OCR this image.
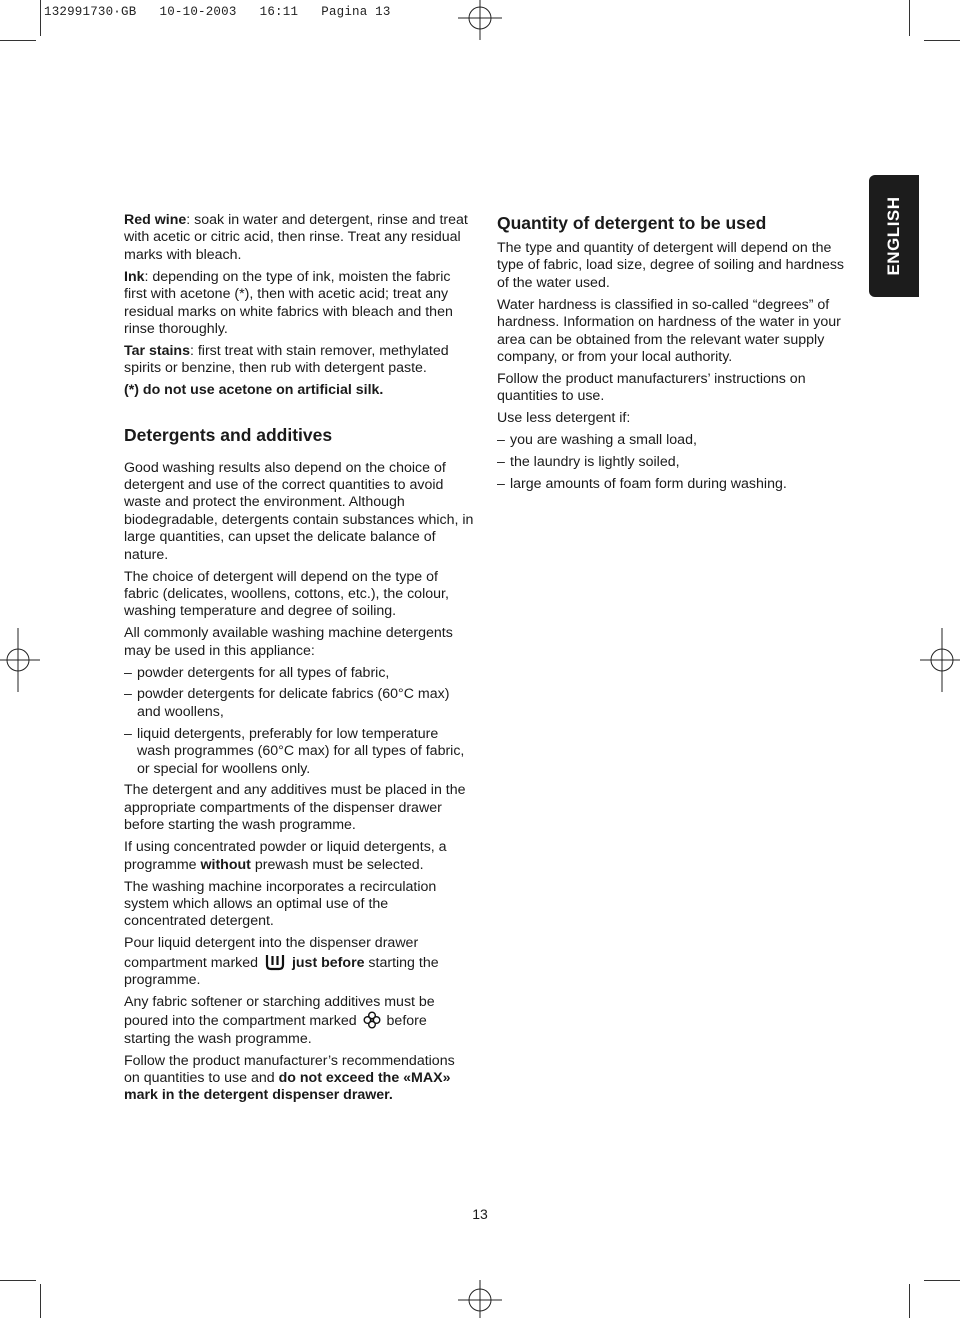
132991730·GB   10-10-2003   16:11   Pagina 13
ENGLISH

Red wine: soak in water and detergent, rinse and treat with acetic or citric acid, then rinse. Treat any residual marks with bleach.

Ink: depending on the type of ink, moisten the fabric first with acetone (*), then with acetic acid; treat any residual marks on white fabrics with bleach and then rinse thoroughly.

Tar stains: first treat with stain remover, methylated spirits or benzine, then rub with detergent paste.

(*) do not use acetone on artificial silk.

Detergents and additives

Good washing results also depend on the choice of detergent and use of the correct quantities to avoid waste and protect the environment. Although biodegradable, detergents contain substances which, in large quantities, can upset the delicate balance of nature.

The choice of detergent will depend on the type of fabric (delicates, woollens, cottons, etc.), the colour, washing temperature and degree of soiling.

All commonly available washing machine detergents may be used in this appliance:

– powder detergents for all types of fabric,
– powder detergents for delicate fabrics (60°C max) and woollens,
– liquid detergents, preferably for low temperature wash programmes (60°C max) for all types of fabric, or special for woollens only.

The detergent and any additives must be placed in the appropriate compartments of the dispenser drawer before starting the wash programme.

If using concentrated powder or liquid detergents, a programme without prewash must be selected.

The washing machine incorporates a recirculation system which allows an optimal use of the concentrated detergent.

Pour liquid detergent into the dispenser drawer compartment marked just before starting the programme.

Any fabric softener or starching additives must be poured into the compartment marked  before starting the wash programme.

Follow the product manufacturer’s recommendations on quantities to use and do not exceed the «MAX» mark in the detergent dispenser drawer.

Quantity of detergent to be used

The type and quantity of detergent will depend on the type of fabric, load size, degree of soiling and hardness of the water used.

Water hardness is classified in so-called “degrees” of hardness. Information on hardness of the water in your area can be obtained from the relevant water supply company, or from your local authority.

Follow the product manufacturers’ instructions on quantities to use.

Use less detergent if:

– you are washing a small load,
– the laundry is lightly soiled,
– large amounts of foam form during washing.
13
